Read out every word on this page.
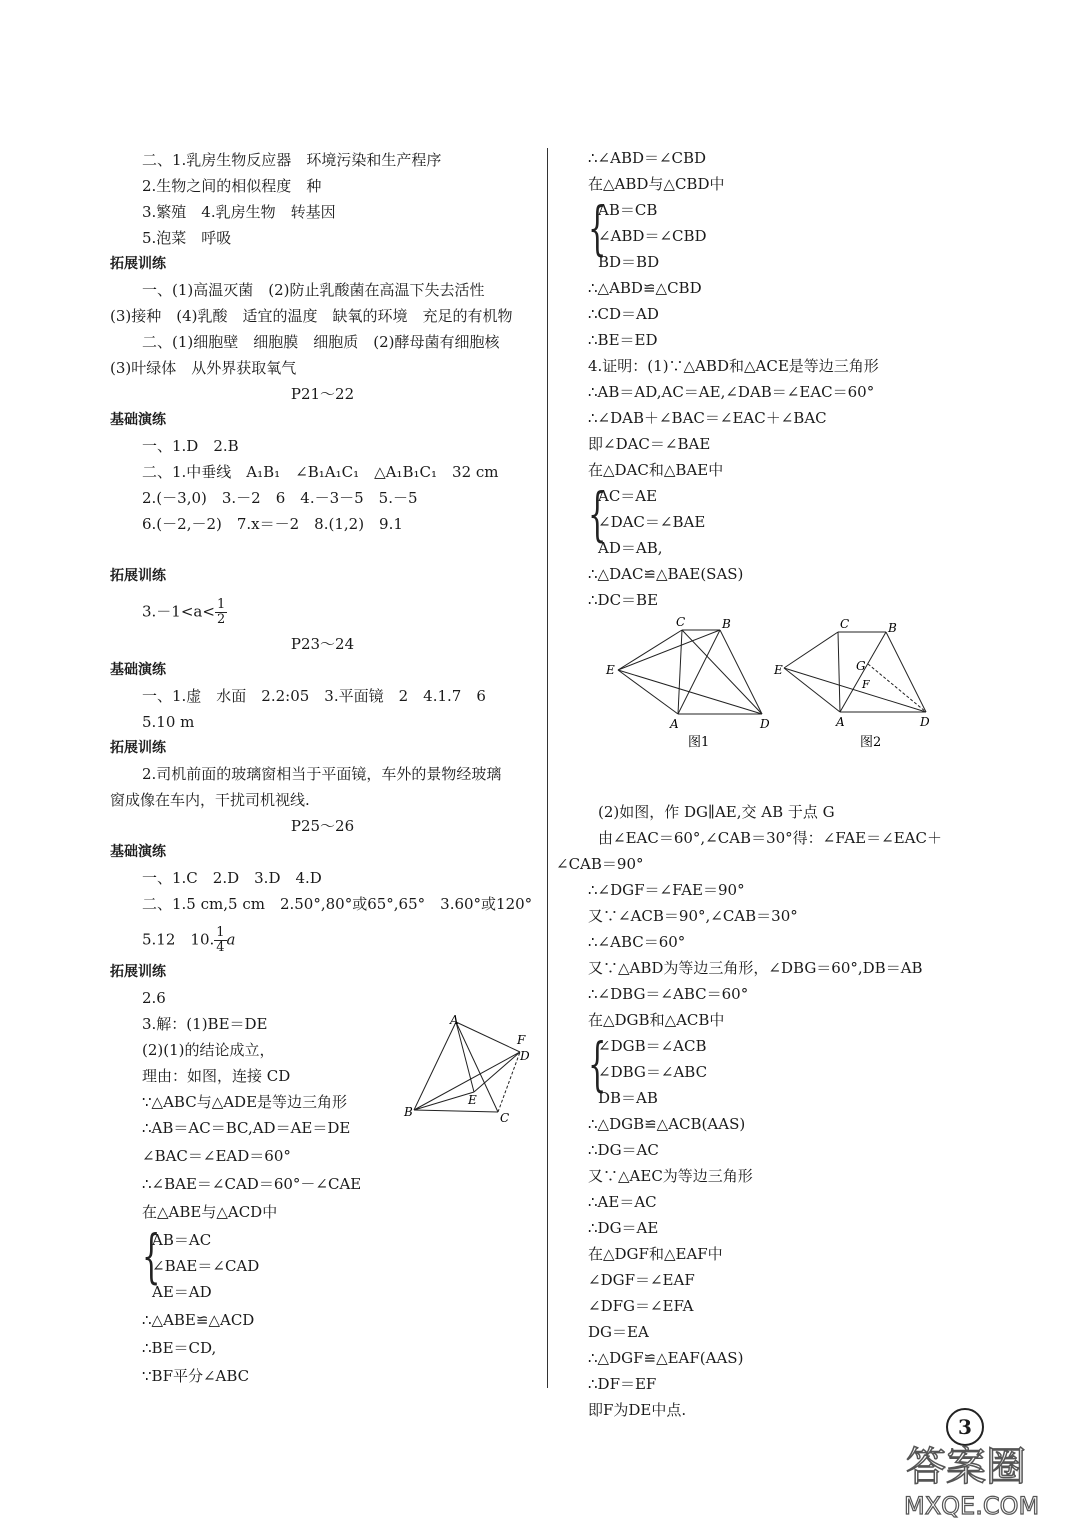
二、1.乳房生物反应器　环境污染和生产程序
2.生物之间的相似程度　种
3.繁殖　4.乳房生物　转基因
5.泡菜　呼吸
拓展训练
一、(1)高温灭菌　(2)防止乳酸菌在高温下失去活性
(3)接种　(4)乳酸　适宜的温度　缺氧的环境　充足的有机物
二、(1)细胞壁　细胞膜　细胞质　(2)酵母菌有细胞核
(3)叶绿体　从外界获取氧气
P21～22
基础演练
一、1.D　2.B
二、1.中垂线　A₁B₁　∠B₁A₁C₁　△A₁B₁C₁　32 cm
2.(－3,0)　3.－2　6　4.－3－5　5.－5
6.(－2,－2)　7.x＝－2　8.(1,2)　9.1
拓展训练
$3.-1<a< \frac{1}{2}$
P23～24
基础演练
一、1.虚　水面　2.2:05　3.平面镜　2　4.1.7　6
5.10 m
拓展训练
2.司机前面的玻璃窗相当于平面镜，车外的景物经玻璃
窗成像在车内，干扰司机视线.
P25～26
基础演练
一、1.C　2.D　3.D　4.D
二、1.5 cm,5 cm　2.50°,80°或65°,65°　3.60°或120°
5.12　10. $\frac{1}{4}$ a
拓展训练
2.6
3.解：(1)BE＝DE
(2)(1)的结论成立，
理由：如图，连接 CD
∵△ABC与△ADE是等边三角形
∴AB＝AC＝BC,AD＝AE＝DE
∠BAC＝∠EAD＝60°
∴∠BAE＝∠CAD＝60°－∠CAE
在△ABE与△ACD中
{
AB＝AC
∠BAE＝∠CAD
AE＝AD
∴△ABE≌△ACD
∴BE＝CD,
∵BF平分∠ABC
A
B	C
D
E
F
∴∠ABD＝∠CBD
在△ABD与△CBD中
{
AB＝CB
∠ABD＝∠CBD
BD＝BD
∴△ABD≌△CBD
∴CD＝AD
∴BE＝ED
4.证明：(1)∵△ABD和△ACE是等边三角形
∴AB＝AD,AC＝AE,∠DAB＝∠EAC＝60°
∴∠DAB＋∠BAC＝∠EAC＋∠BAC
即∠DAC＝∠BAE
在△DAC和△BAE中
{
AC＝AE
∠DAC＝∠BAE
AD＝AB,
∴△DAC≌△BAE(SAS)
∴DC＝BE
(2)如图，作 DG∥AE,交 AB 于点 G
由∠EAC＝60°,∠CAB＝30°得：∠FAE＝∠EAC＋
∠CAB＝90°
∴∠DGF＝∠FAE＝90°
又∵∠ACB＝90°,∠CAB＝30°
∴∠ABC＝60°
又∵△ABD为等边三角形，∠DBG＝60°,DB＝AB
∴∠DBG＝∠ABC＝60°
在△DGB和△ACB中
{
∠DGB＝∠ACB
∠DBG＝∠ABC
DB＝AB
∴△DGB≌△ACB(AAS)
∴DG＝AC
又∵△AEC为等边三角形
∴AE＝AC
∴DG＝AE
在△DGF和△EAF中
∠DGF＝∠EAF
∠DFG＝∠EFA
DG＝EA
∴△DGF≌△EAF(AAS)
∴DF＝EF
即F为DE中点.
C	B
E
A	D
图1
C	B
E	G
F
A	D
图2
3
答案圈
MXQE.COM
